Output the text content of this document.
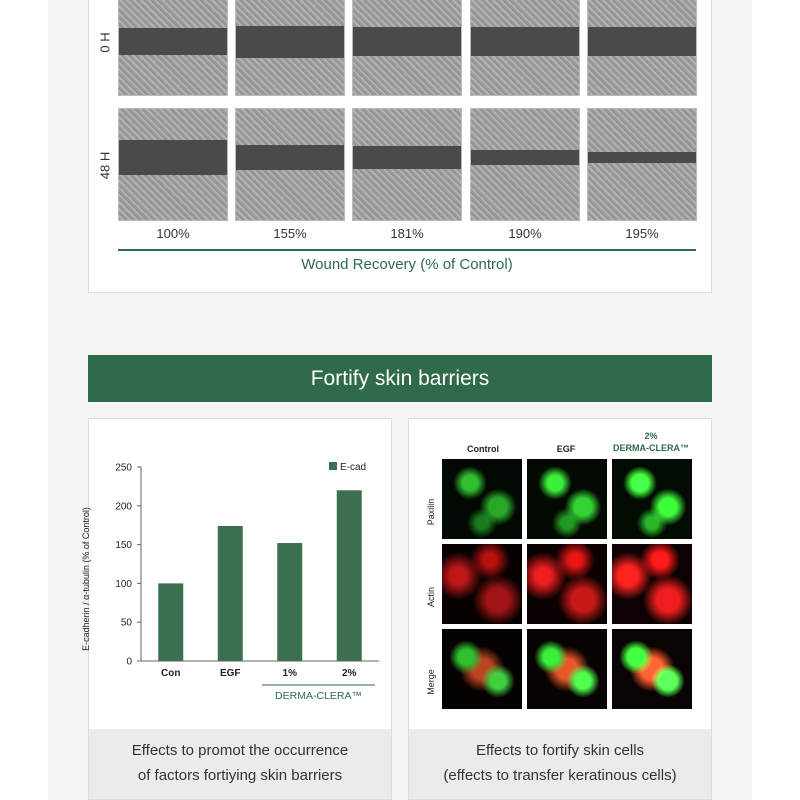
0 H
48 H
100%	155%	181%	190%	195%
Wound Recovery (% of Control)
Fortify skin barriers
E-cadherin / α-tubulin (% of Control)
0
50
100
150
200
250
Con	EGF	1%	2%
DERMA-CLERA™
E-cad
Effects to promot the occurrence
of factors fortiying skin barriers
Control	EGF
2%
DERMA-CLERA™
Paxilin
Actin
Merge
Effects to fortify skin cells
(effects to transfer keratinous cells)
